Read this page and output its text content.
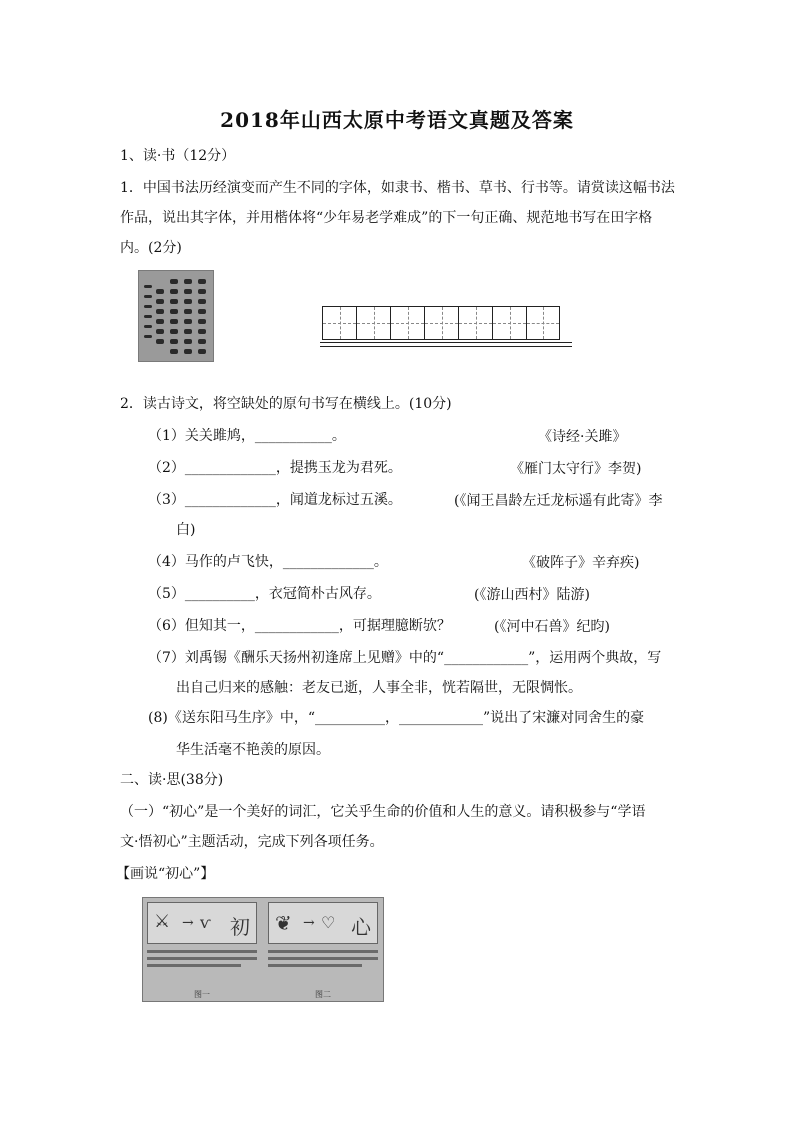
2018年山西太原中考语文真题及答案
1、读·书（12分）
1．中国书法历经演变而产生不同的字体，如隶书、楷书、草书、行书等。请赏读这幅书法
作品，说出其字体，并用楷体将“少年易老学难成”的下一句正确、规范地书写在田字格
内。(2分)
2．读古诗文，将空缺处的原句书写在横线上。(10分)
（1）关关雎鸠，___________。	《诗经·关雎》
（2）_____________，提携玉龙为君死。	《雁门太守行》李贺)
（3）_____________，闻道龙标过五溪。	(《闻王昌龄左迁龙标遥有此寄》李
白)
（4）马作的卢飞快，_____________。	《破阵子》辛弃疾)
（5）__________，衣冠简朴古风存。	(《游山西村》陆游)
（6）但知其一，____________，可据理臆断欤？	(《河中石兽》纪昀)
（7）刘禹锡《酬乐天扬州初逢席上见赠》中的“____________”，运用两个典故，写
出自己归来的感触：老友已逝，人事全非，恍若隔世，无限惆怅。
(8)《送东阳马生序》中，“__________，____________”说出了宋濂对同舍生的豪
华生活毫不艳羡的原因。
二、读·思(38分)
（一）“初心”是一个美好的词汇，它关乎生命的价值和人生的意义。请积极参与“学语
文·悟初心”主题活动，完成下列各项任务。
【画说“初心”】
⚔ → ⱱ 初
图一
❦ → ♡ 心
图二
